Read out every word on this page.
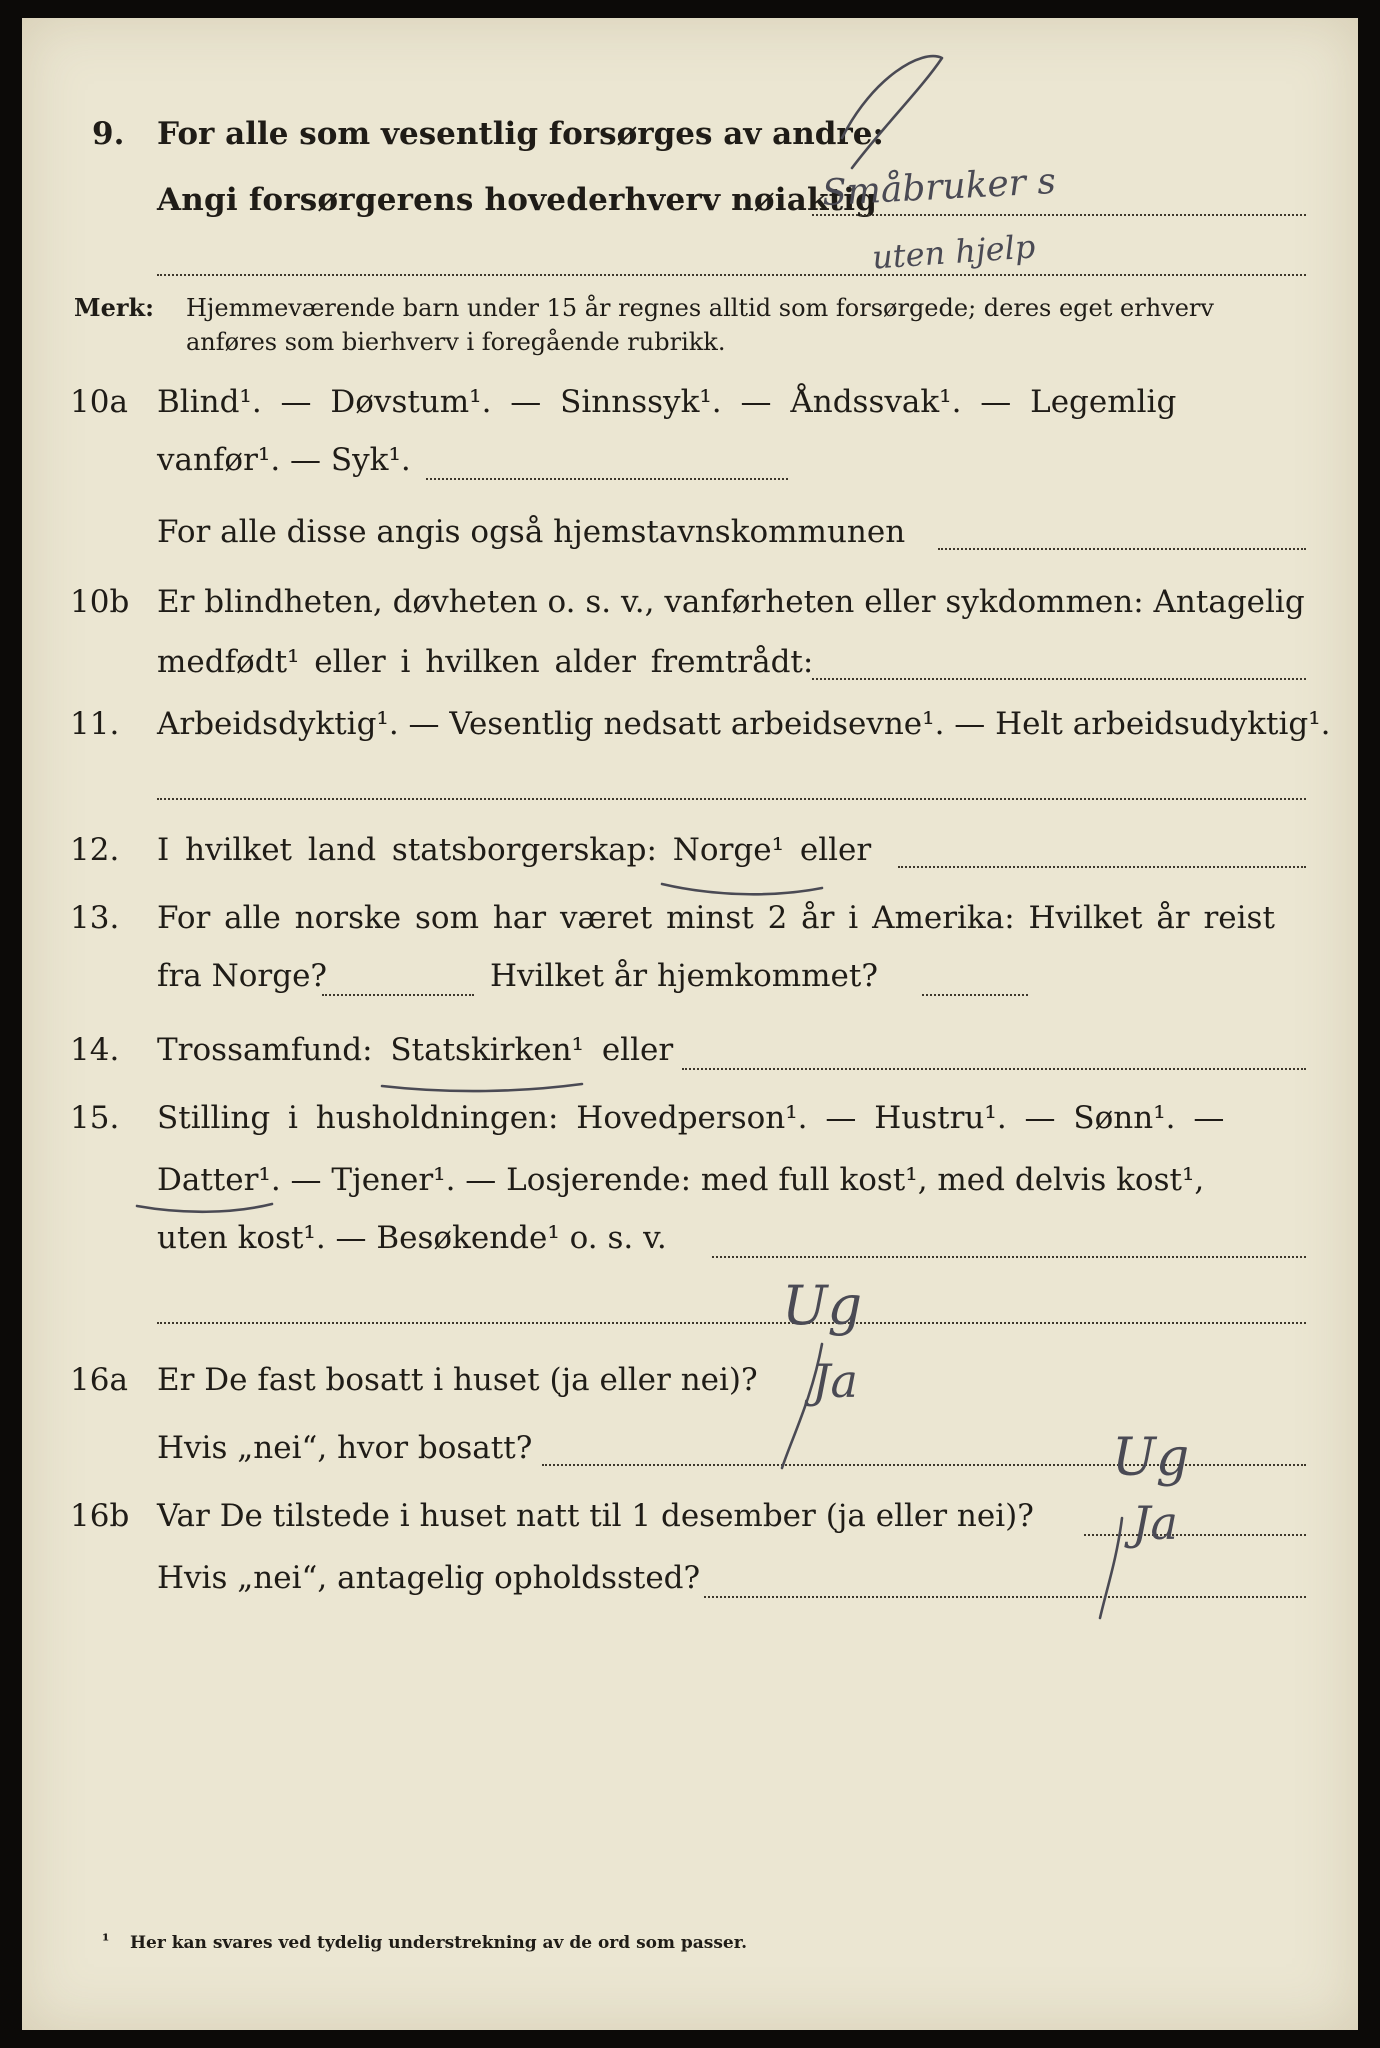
9. For alle som vesentlig forsørges av andre:
Angi forsørgerens hovederhverv nøiaktig
Merk: Hjemmeværende barn under 15 år regnes alltid som forsørgede; deres eget erhverv
anføres som bierhverv i foregående rubrikk.
10a Blind¹. — Døvstum¹. — Sinnssyk¹. — Åndssvak¹. — Legemlig
vanfør¹. — Syk¹.
For alle disse angis også hjemstavnskommunen
10b Er blindheten, døvheten o. s. v., vanførheten eller sykdommen: Antagelig
medfødt¹ eller i hvilken alder fremtrådt:
11. Arbeidsdyktig¹. — Vesentlig nedsatt arbeidsevne¹. — Helt arbeidsudyktig¹.
12. I hvilket land statsborgerskap: Norge¹ eller
13. For alle norske som har været minst 2 år i Amerika: Hvilket år reist
fra Norge?	Hvilket år hjemkommet?
14. Trossamfund: Statskirken¹ eller
15. Stilling i husholdningen: Hovedperson¹. — Hustru¹. — Sønn¹. —
Datter¹. — Tjener¹. — Losjerende: med full kost¹, med delvis kost¹,
uten kost¹. — Besøkende¹ o. s. v.
16a Er De fast bosatt i huset (ja eller nei)?
Hvis „nei“, hvor bosatt?
16b Var De tilstede i huset natt til 1 desember (ja eller nei)?
Hvis „nei“, antagelig opholdssted?
¹ Her kan svares ved tydelig understrekning av de ord som passer.
Småbruker s
uten hjelp
Ug
Ja
Ug
Ja
